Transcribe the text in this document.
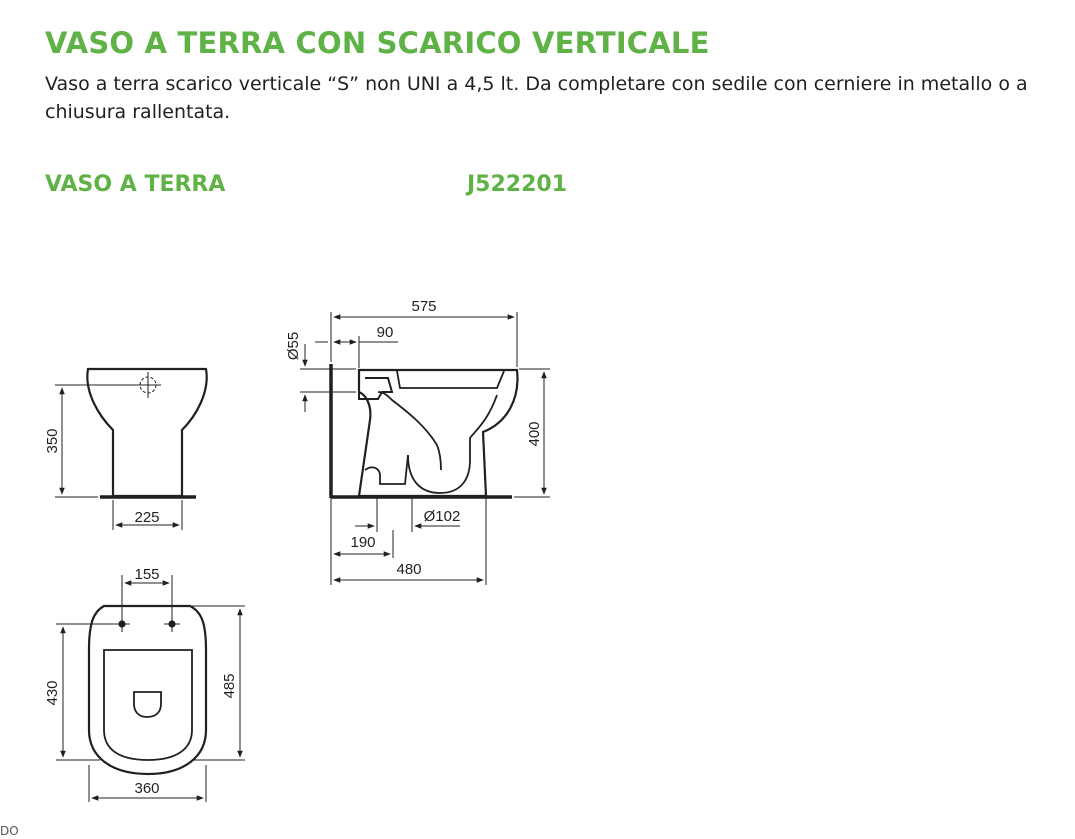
VASO A TERRA CON SCARICO VERTICALE

Vaso a terra scarico verticale “S” non UNI a 4,5 lt. Da completare con sedile con cerniere in metallo o a chiusura rallentata.

VASO A TERRA	J522201
350
225
155
430	485
360
575
90
Ø55
400
Ø102
190
480
DO
